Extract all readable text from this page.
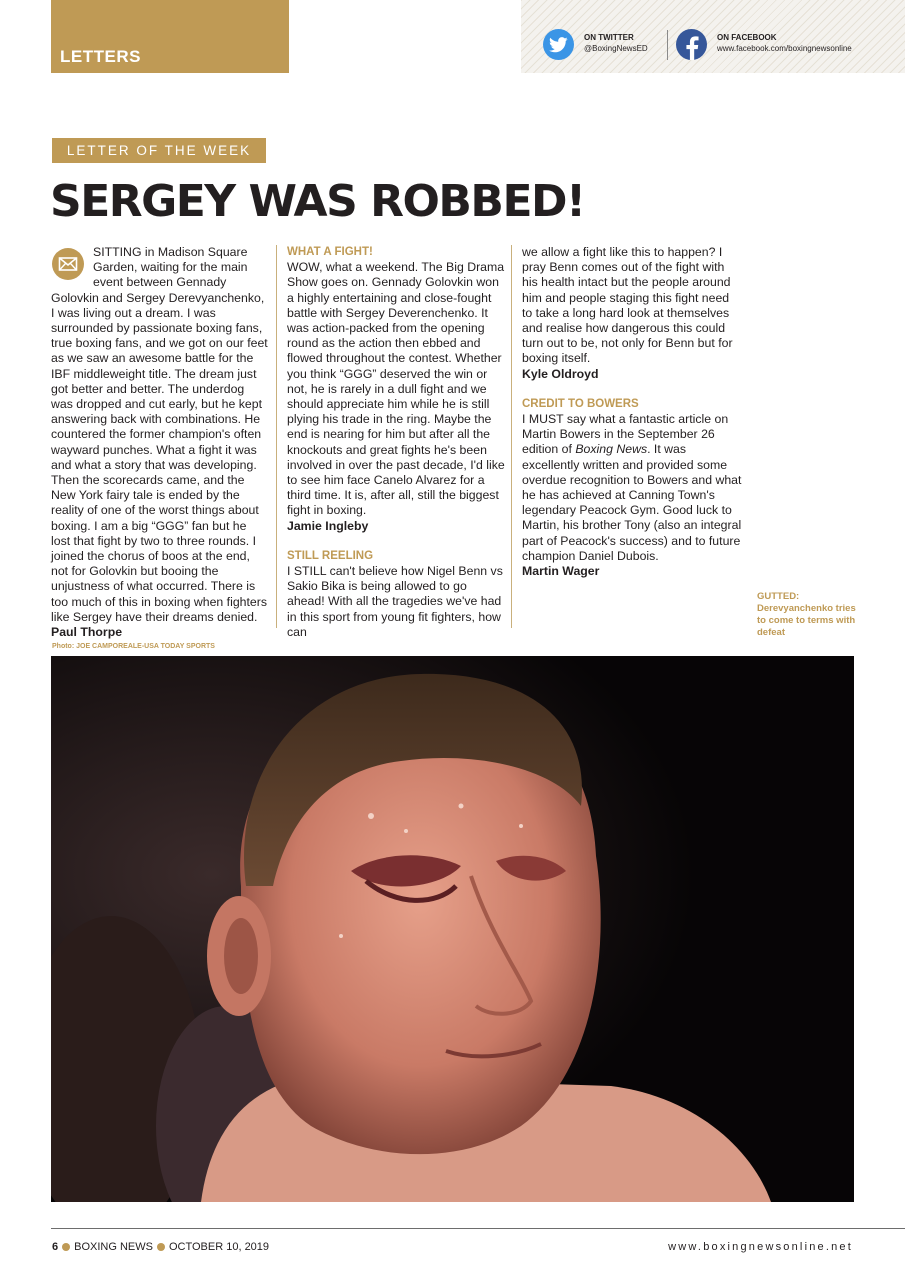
LETTERS
ON TWITTER
@BoxingNewsED
ON FACEBOOK
www.facebook.com/boxingnewsonline
LETTER OF THE WEEK
SERGEY WAS ROBBED!
SITTING in Madison Square Garden, waiting for the main event between Gennady Golovkin and Sergey Derevyanchenko, I was living out a dream. I was surrounded by passionate boxing fans, true boxing fans, and we got on our feet as we saw an awesome battle for the IBF middleweight title. The dream just got better and better. The underdog was dropped and cut early, but he kept answering back with combinations. He countered the former champion's often wayward punches. What a fight it was and what a story that was developing. Then the scorecards came, and the New York fairy tale is ended by the reality of one of the worst things about boxing. I am a big “GGG” fan but he lost that fight by two to three rounds. I joined the chorus of boos at the end, not for Golovkin but booing the unjustness of what occurred. There is too much of this in boxing when fighters like Sergey have their dreams denied.
Paul Thorpe
WHAT A FIGHT!
WOW, what a weekend. The Big Drama Show goes on. Gennady Golovkin won a highly entertaining and close-fought battle with Sergey Deverenchenko. It was action-packed from the opening round as the action then ebbed and flowed throughout the contest. Whether you think “GGG” deserved the win or not, he is rarely in a dull fight and we should appreciate him while he is still plying his trade in the ring. Maybe the end is nearing for him but after all the knockouts and great fights he's been involved in over the past decade, I'd like to see him face Canelo Alvarez for a third time. It is, after all, still the biggest fight in boxing.
Jamie Ingleby
STILL REELING
I STILL can't believe how Nigel Benn vs Sakio Bika is being allowed to go ahead! With all the tragedies we've had in this sport from young fit fighters, how can
we allow a fight like this to happen? I pray Benn comes out of the fight with his health intact but the people around him and people staging this fight need to take a long hard look at themselves and realise how dangerous this could turn out to be, not only for Benn but for boxing itself.
Kyle Oldroyd
CREDIT TO BOWERS
I MUST say what a fantastic article on Martin Bowers in the September 26 edition of Boxing News. It was excellently written and provided some overdue recognition to Bowers and what he has achieved at Canning Town's legendary Peacock Gym. Good luck to Martin, his brother Tony (also an integral part of Peacock's success) and to future champion Daniel Dubois.
Martin Wager
GUTTED:
Derevyanchenko tries to come to terms with defeat
Photo: JOE CAMPOREALE-USA TODAY SPORTS
6 BOXING NEWS OCTOBER 10, 2019	www.boxingnewsonline.net
